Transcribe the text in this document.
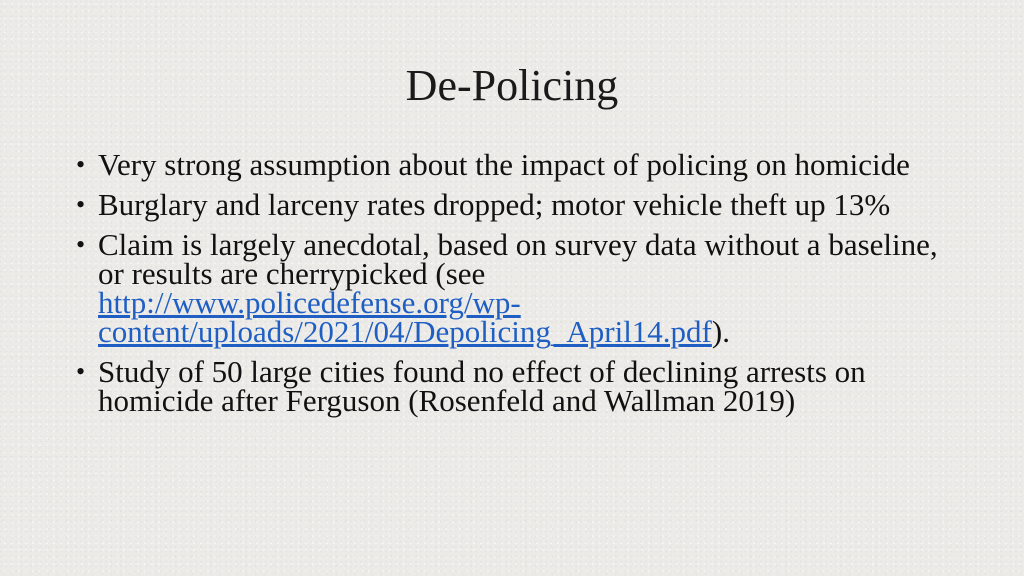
De-Policing
• Very strong assumption about the impact of policing on homicide
• Burglary and larceny rates dropped; motor vehicle theft up 13%
• Claim is largely anecdotal, based on survey data without a baseline, or results are cherrypicked (see
http://www.policedefense.org/wp-content/uploads/2021/04/Depolicing_April14.pdf).
• Study of 50 large cities found no effect of declining arrests on homicide after Ferguson (Rosenfeld and Wallman 2019)
